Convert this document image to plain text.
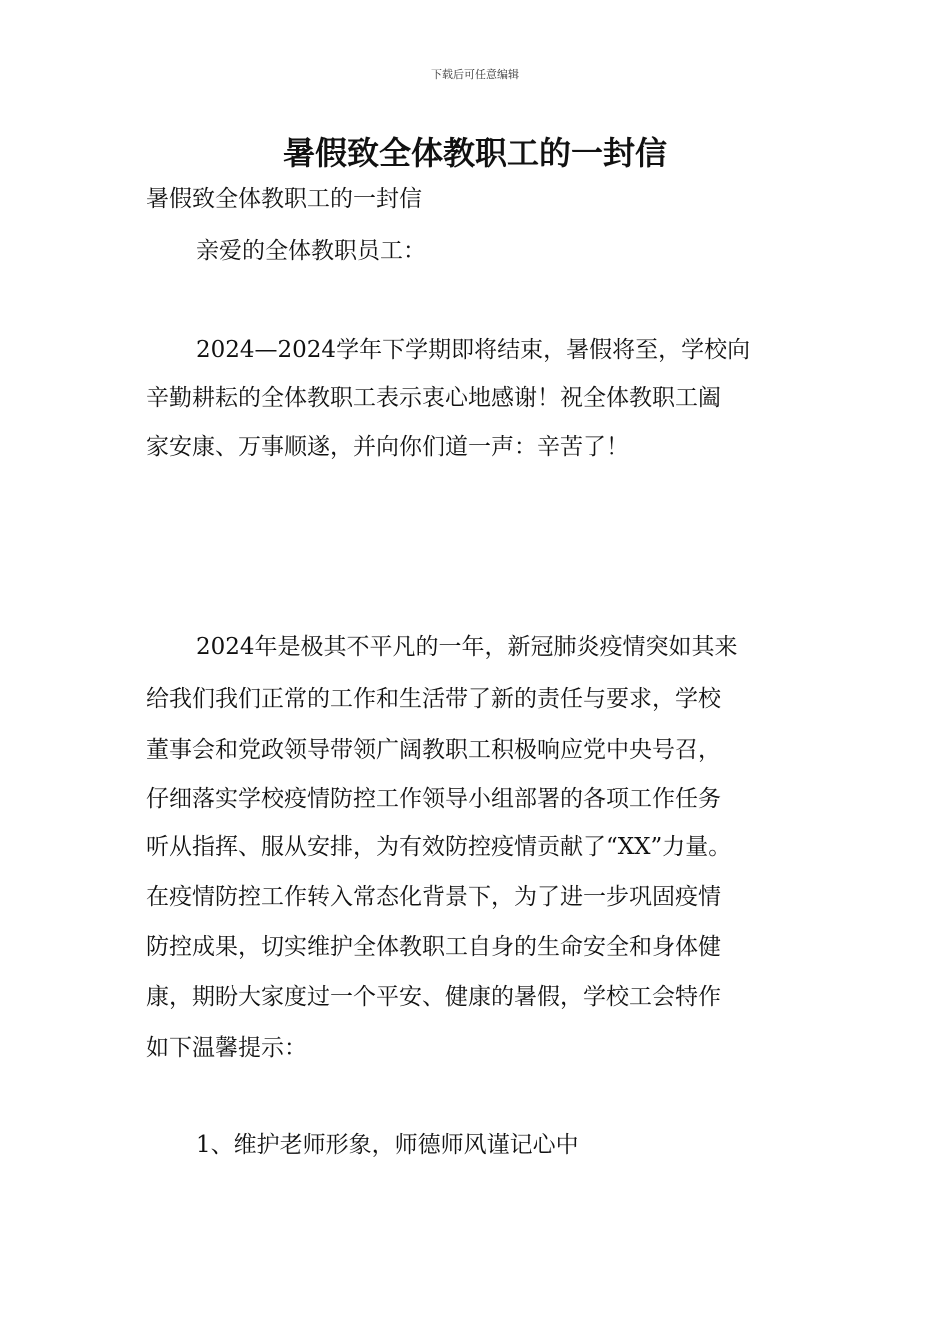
下载后可任意编辑
暑假致全体教职工的一封信
暑假致全体教职工的一封信
亲爱的全体教职员工：
2024—2024学年下学期即将结束，暑假将至，学校向
辛勤耕耘的全体教职工表示衷心地感谢！祝全体教职工阖
家安康、万事顺遂，并向你们道一声：辛苦了！
2024年是极其不平凡的一年，新冠肺炎疫情突如其来
给我们我们正常的工作和生活带了新的责任与要求，学校
董事会和党政领导带领广阔教职工积极响应党中央号召，
仔细落实学校疫情防控工作领导小组部署的各项工作任务
听从指挥、服从安排，为有效防控疫情贡献了“XX”力量。
在疫情防控工作转入常态化背景下，为了进一步巩固疫情
防控成果，切实维护全体教职工自身的生命安全和身体健
康，期盼大家度过一个平安、健康的暑假，学校工会特作
如下温馨提示：
1、维护老师形象，师德师风谨记心中
